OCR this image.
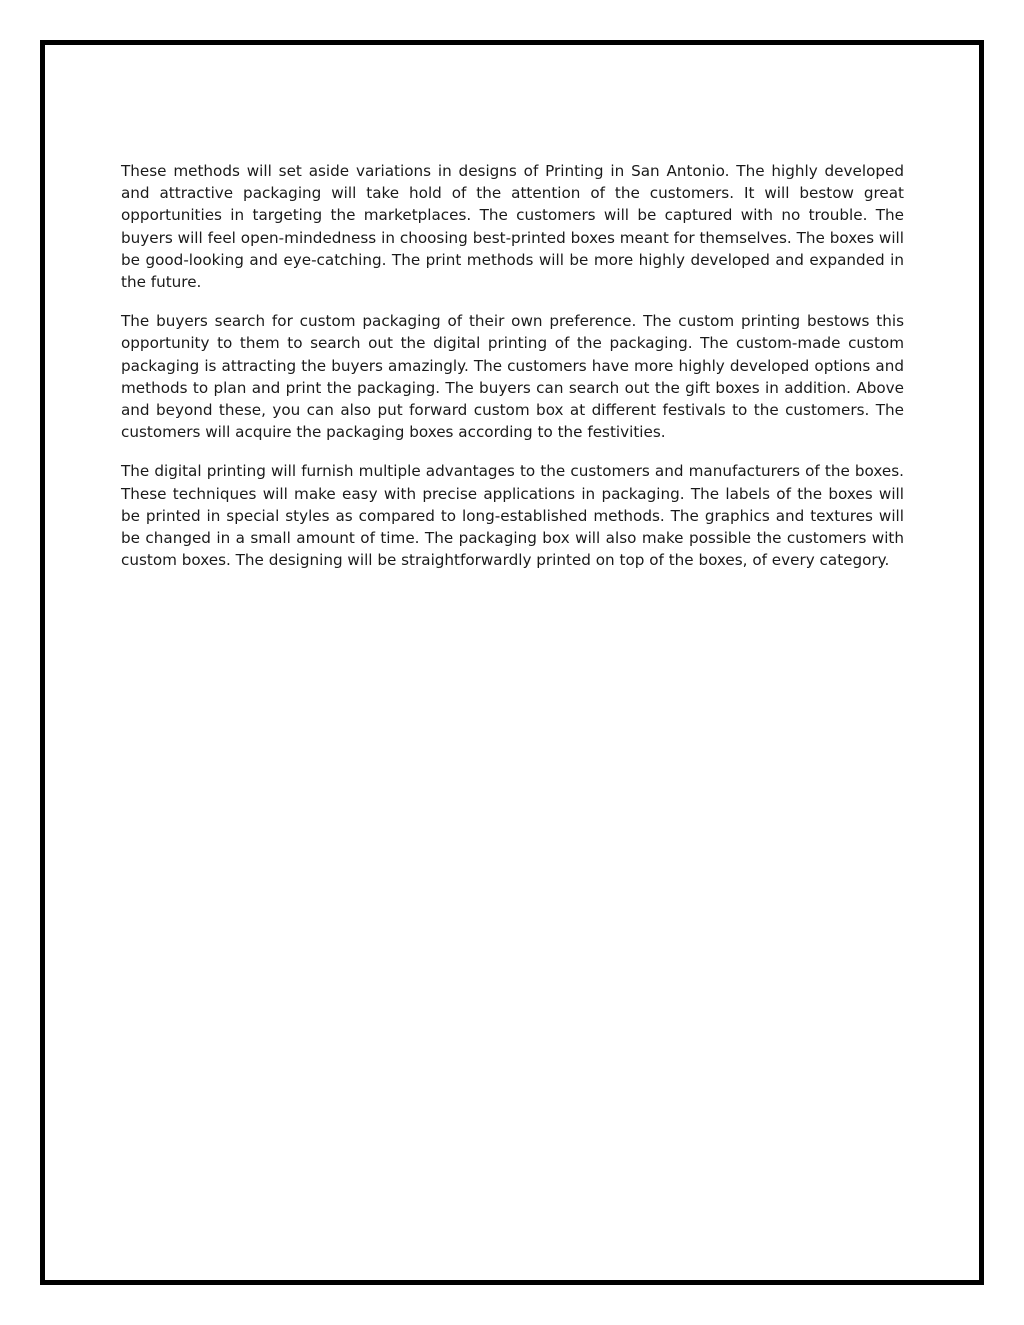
These methods will set aside variations in designs of Printing in San Antonio. The highly developed and attractive packaging will take hold of the attention of the customers. It will bestow great opportunities in targeting the marketplaces. The customers will be captured with no trouble. The buyers will feel open-mindedness in choosing best-printed boxes meant for themselves. The boxes will be good-looking and eye-catching. The print methods will be more highly developed and expanded in the future.

The buyers search for custom packaging of their own preference. The custom printing bestows this opportunity to them to search out the digital printing of the packaging. The custom-made custom packaging is attracting the buyers amazingly. The customers have more highly developed options and methods to plan and print the packaging. The buyers can search out the gift boxes in addition. Above and beyond these, you can also put forward custom box at different festivals to the customers. The customers will acquire the packaging boxes according to the festivities.

The digital printing will furnish multiple advantages to the customers and manufacturers of the boxes. These techniques will make easy with precise applications in packaging. The labels of the boxes will be printed in special styles as compared to long-established methods. The graphics and textures will be changed in a small amount of time. The packaging box will also make possible the customers with custom boxes. The designing will be straightforwardly printed on top of the boxes, of every category.
